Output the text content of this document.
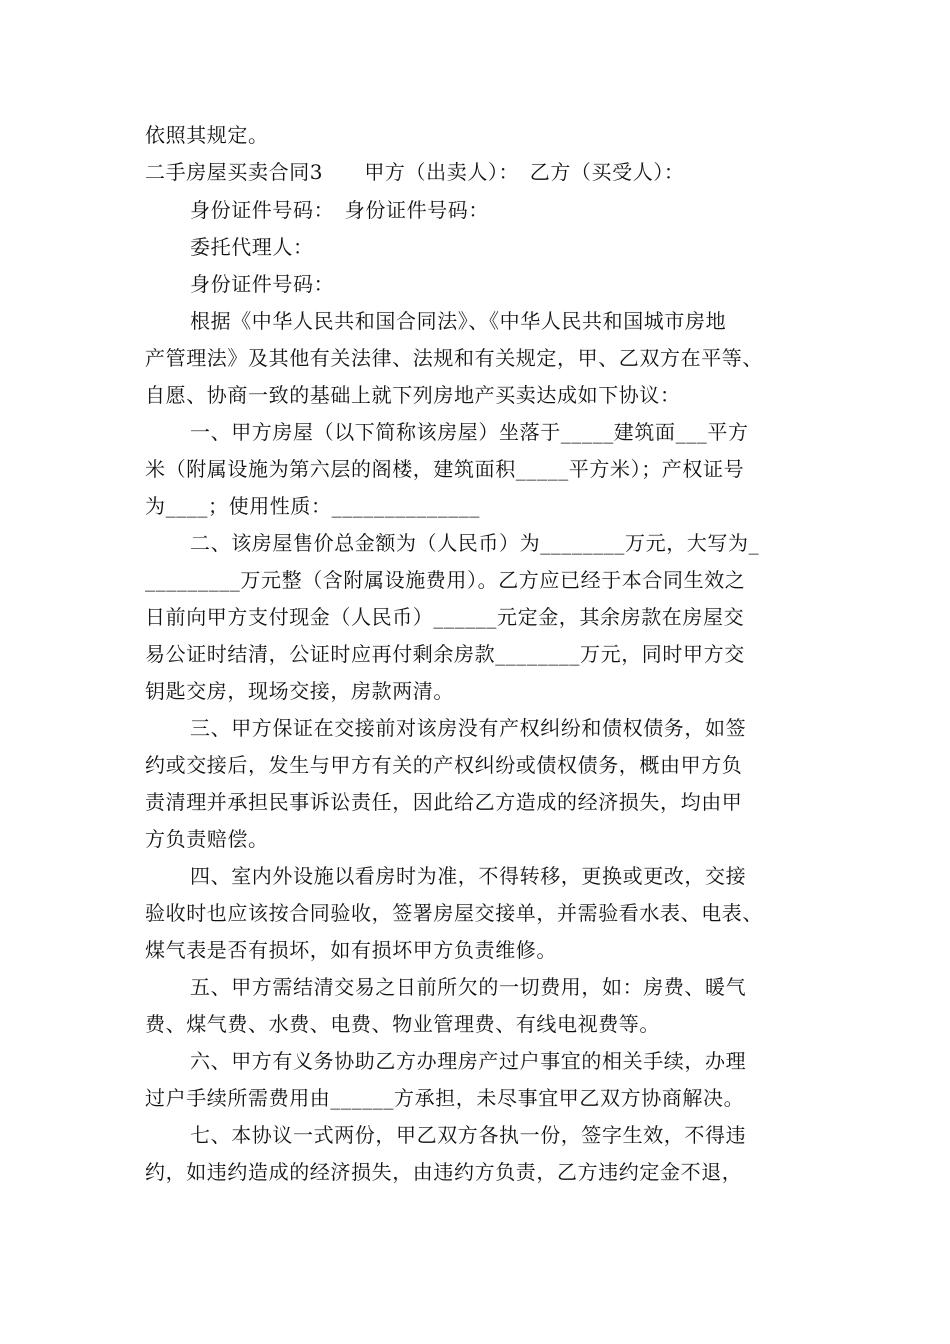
依照其规定。
二手房屋买卖合同3　　甲方（出卖人）：　乙方（买受人）：
身份证件号码：　身份证件号码：
委托代理人：
身份证件号码：
根据《中华人民共和国合同法》、《中华人民共和国城市房地
产管理法》及其他有关法律、法规和有关规定，甲、乙双方在平等、
自愿、协商一致的基础上就下列房地产买卖达成如下协议：
一、甲方房屋（以下简称该房屋）坐落于_____建筑面___平方
米（附属设施为第六层的阁楼，建筑面积_____平方米）；产权证号
为____；使用性质：______________
二、该房屋售价总金额为（人民币）为________万元，大写为_
_________万元整（含附属设施费用）。乙方应已经于本合同生效之
日前向甲方支付现金（人民币）______元定金，其余房款在房屋交
易公证时结清，公证时应再付剩余房款________万元，同时甲方交
钥匙交房，现场交接，房款两清。
三、甲方保证在交接前对该房没有产权纠纷和债权债务，如签
约或交接后，发生与甲方有关的产权纠纷或债权债务，概由甲方负
责清理并承担民事诉讼责任，因此给乙方造成的经济损失，均由甲
方负责赔偿。
四、室内外设施以看房时为准，不得转移，更换或更改，交接
验收时也应该按合同验收，签署房屋交接单，并需验看水表、电表、
煤气表是否有损坏，如有损坏甲方负责维修。
五、甲方需结清交易之日前所欠的一切费用，如：房费、暖气
费、煤气费、水费、电费、物业管理费、有线电视费等。
六、甲方有义务协助乙方办理房产过户事宜的相关手续，办理
过户手续所需费用由______方承担，未尽事宜甲乙双方协商解决。
七、本协议一式两份，甲乙双方各执一份，签字生效，不得违
约，如违约造成的经济损失，由违约方负责，乙方违约定金不退，
